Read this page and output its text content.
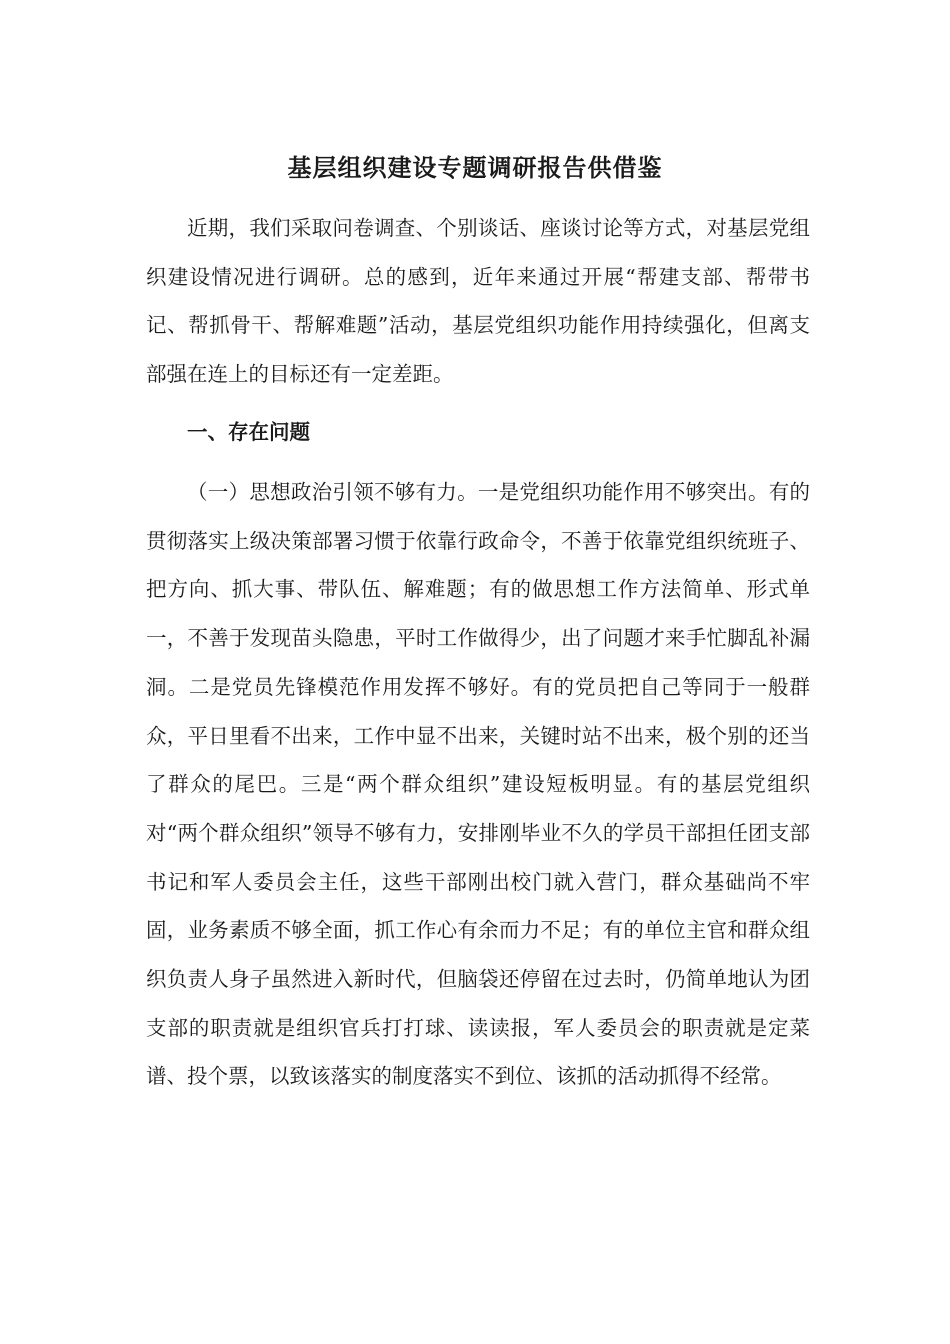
基层组织建设专题调研报告供借鉴

近期，我们采取问卷调查、个别谈话、座谈讨论等方式，对基层党组织建设情况进行调研。总的感到，近年来通过开展“帮建支部、帮带书记、帮抓骨干、帮解难题”活动，基层党组织功能作用持续强化，但离支部强在连上的目标还有一定差距。

一、存在问题

（一）思想政治引领不够有力。一是党组织功能作用不够突出。有的贯彻落实上级决策部署习惯于依靠行政命令，不善于依靠党组织统班子、把方向、抓大事、带队伍、解难题；有的做思想工作方法简单、形式单一，不善于发现苗头隐患，平时工作做得少，出了问题才来手忙脚乱补漏洞。二是党员先锋模范作用发挥不够好。有的党员把自己等同于一般群众，平日里看不出来，工作中显不出来，关键时站不出来，极个别的还当了群众的尾巴。三是“两个群众组织”建设短板明显。有的基层党组织对“两个群众组织”领导不够有力，安排刚毕业不久的学员干部担任团支部书记和军人委员会主任，这些干部刚出校门就入营门，群众基础尚不牢固，业务素质不够全面，抓工作心有余而力不足；有的单位主官和群众组织负责人身子虽然进入新时代，但脑袋还停留在过去时，仍简单地认为团支部的职责就是组织官兵打打球、读读报，军人委员会的职责就是定菜谱、投个票，以致该落实的制度落实不到位、该抓的活动抓得不经常。
